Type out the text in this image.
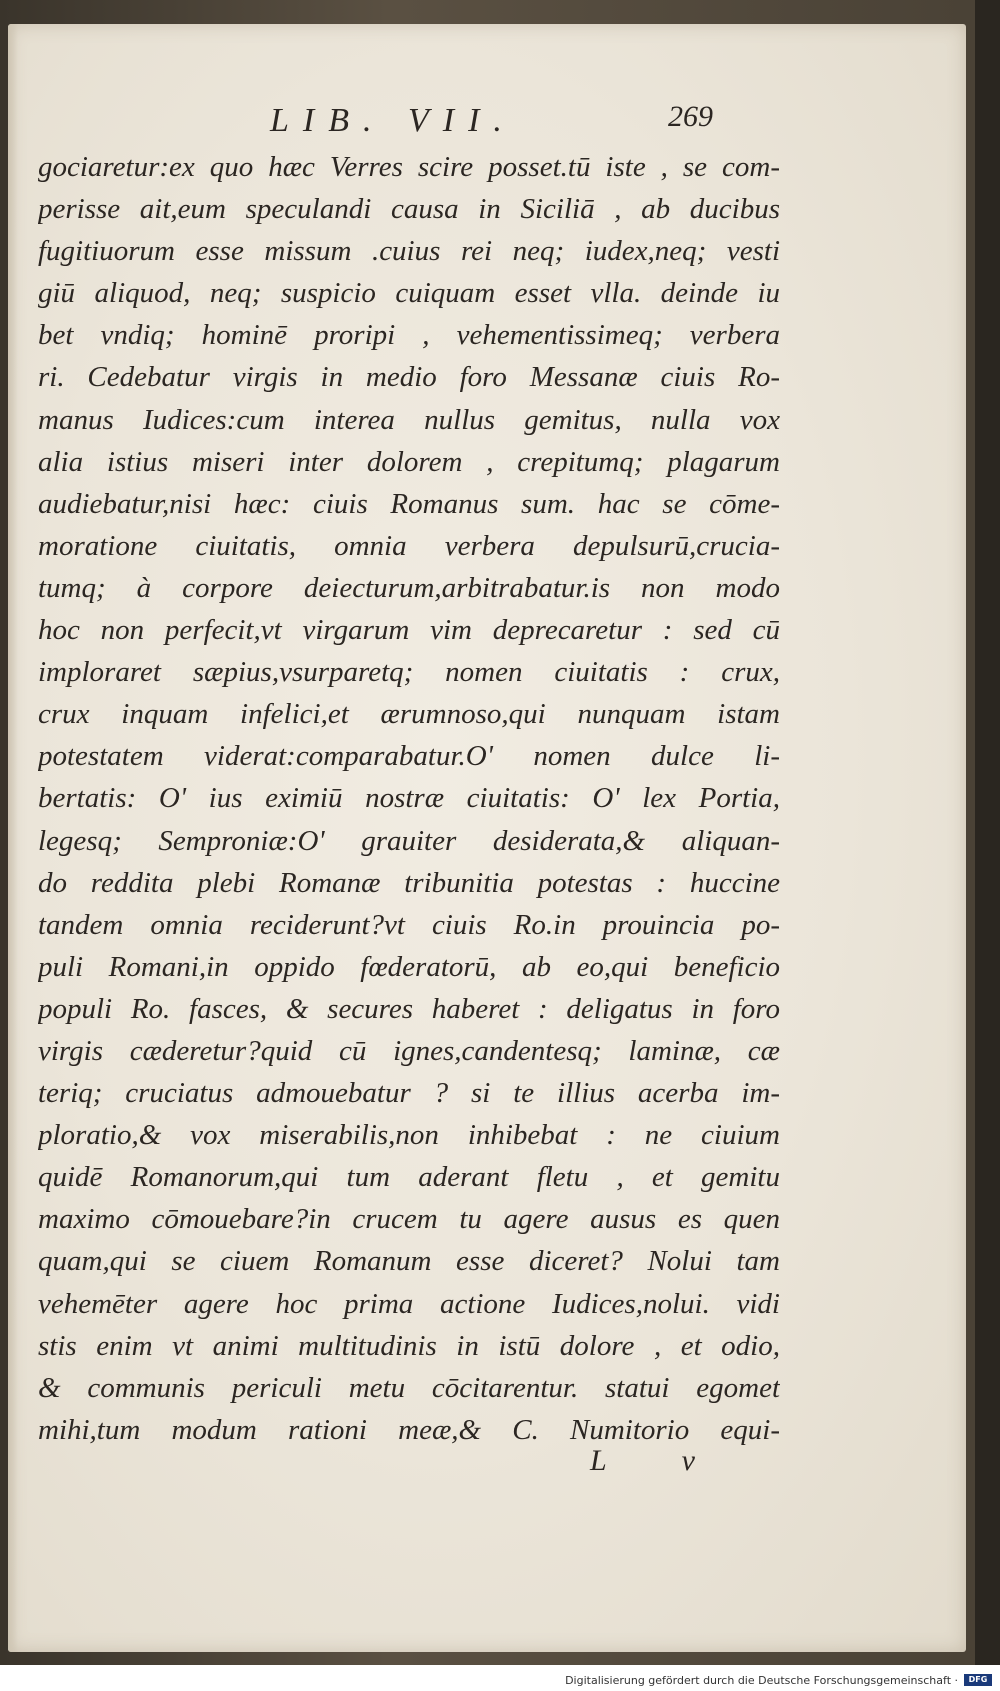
LIB. VII.	269
gociaretur:ex quo hæc Verres scire posset.tū iste , se com-
perisse ait,eum speculandi causa in Siciliā , ab ducibus
fugitiuorum esse missum .cuius rei neq; iudex,neq; vesti
giū aliquod, neq; suspicio cuiquam esset vlla. deinde iu
bet vndiq; hominē proripi , vehementissimeq; verbera
ri. Cedebatur virgis in medio foro Messanæ ciuis Ro-
manus Iudices:cum interea nullus gemitus, nulla vox
alia istius miseri inter dolorem , crepitumq; plagarum
audiebatur,nisi hæc: ciuis Romanus sum. hac se cōme-
moratione ciuitatis, omnia verbera depulsurū,crucia-
tumq; à corpore deiecturum,arbitrabatur.is non modo
hoc non perfecit,vt virgarum vim deprecaretur : sed cū
imploraret sæpius,vsurparetq; nomen ciuitatis : crux,
crux inquam infelici,et ærumnoso,qui nunquam istam
potestatem viderat:comparabatur.O' nomen dulce li-
bertatis: O' ius eximiū nostræ ciuitatis: O' lex Portia,
legesq; Semproniæ:O' grauiter desiderata,& aliquan-
do reddita plebi Romanæ tribunitia potestas : huccine
tandem omnia reciderunt?vt ciuis Ro.in prouincia po-
puli Romani,in oppido fœderatorū, ab eo,qui beneficio
populi Ro. fasces, & secures haberet : deligatus in foro
virgis cæderetur?quid cū ignes,candentesq; laminæ, cæ
teriq; cruciatus admouebatur ? si te illius acerba im-
ploratio,& vox miserabilis,non inhibebat : ne ciuium
quidē Romanorum,qui tum aderant fletu , et gemitu
maximo cōmouebare?in crucem tu agere ausus es quen
quam,qui se ciuem Romanum esse diceret? Nolui tam
vehemēter agere hoc prima actione Iudices,nolui. vidi
stis enim vt animi multitudinis in istū dolore , et odio,
& communis periculi metu cōcitarentur. statui egomet
mihi,tum modum rationi meæ,& C. Numitorio equi-
L v
Digitalisierung gefördert durch die Deutsche Forschungsgemeinschaft ·	DFG
